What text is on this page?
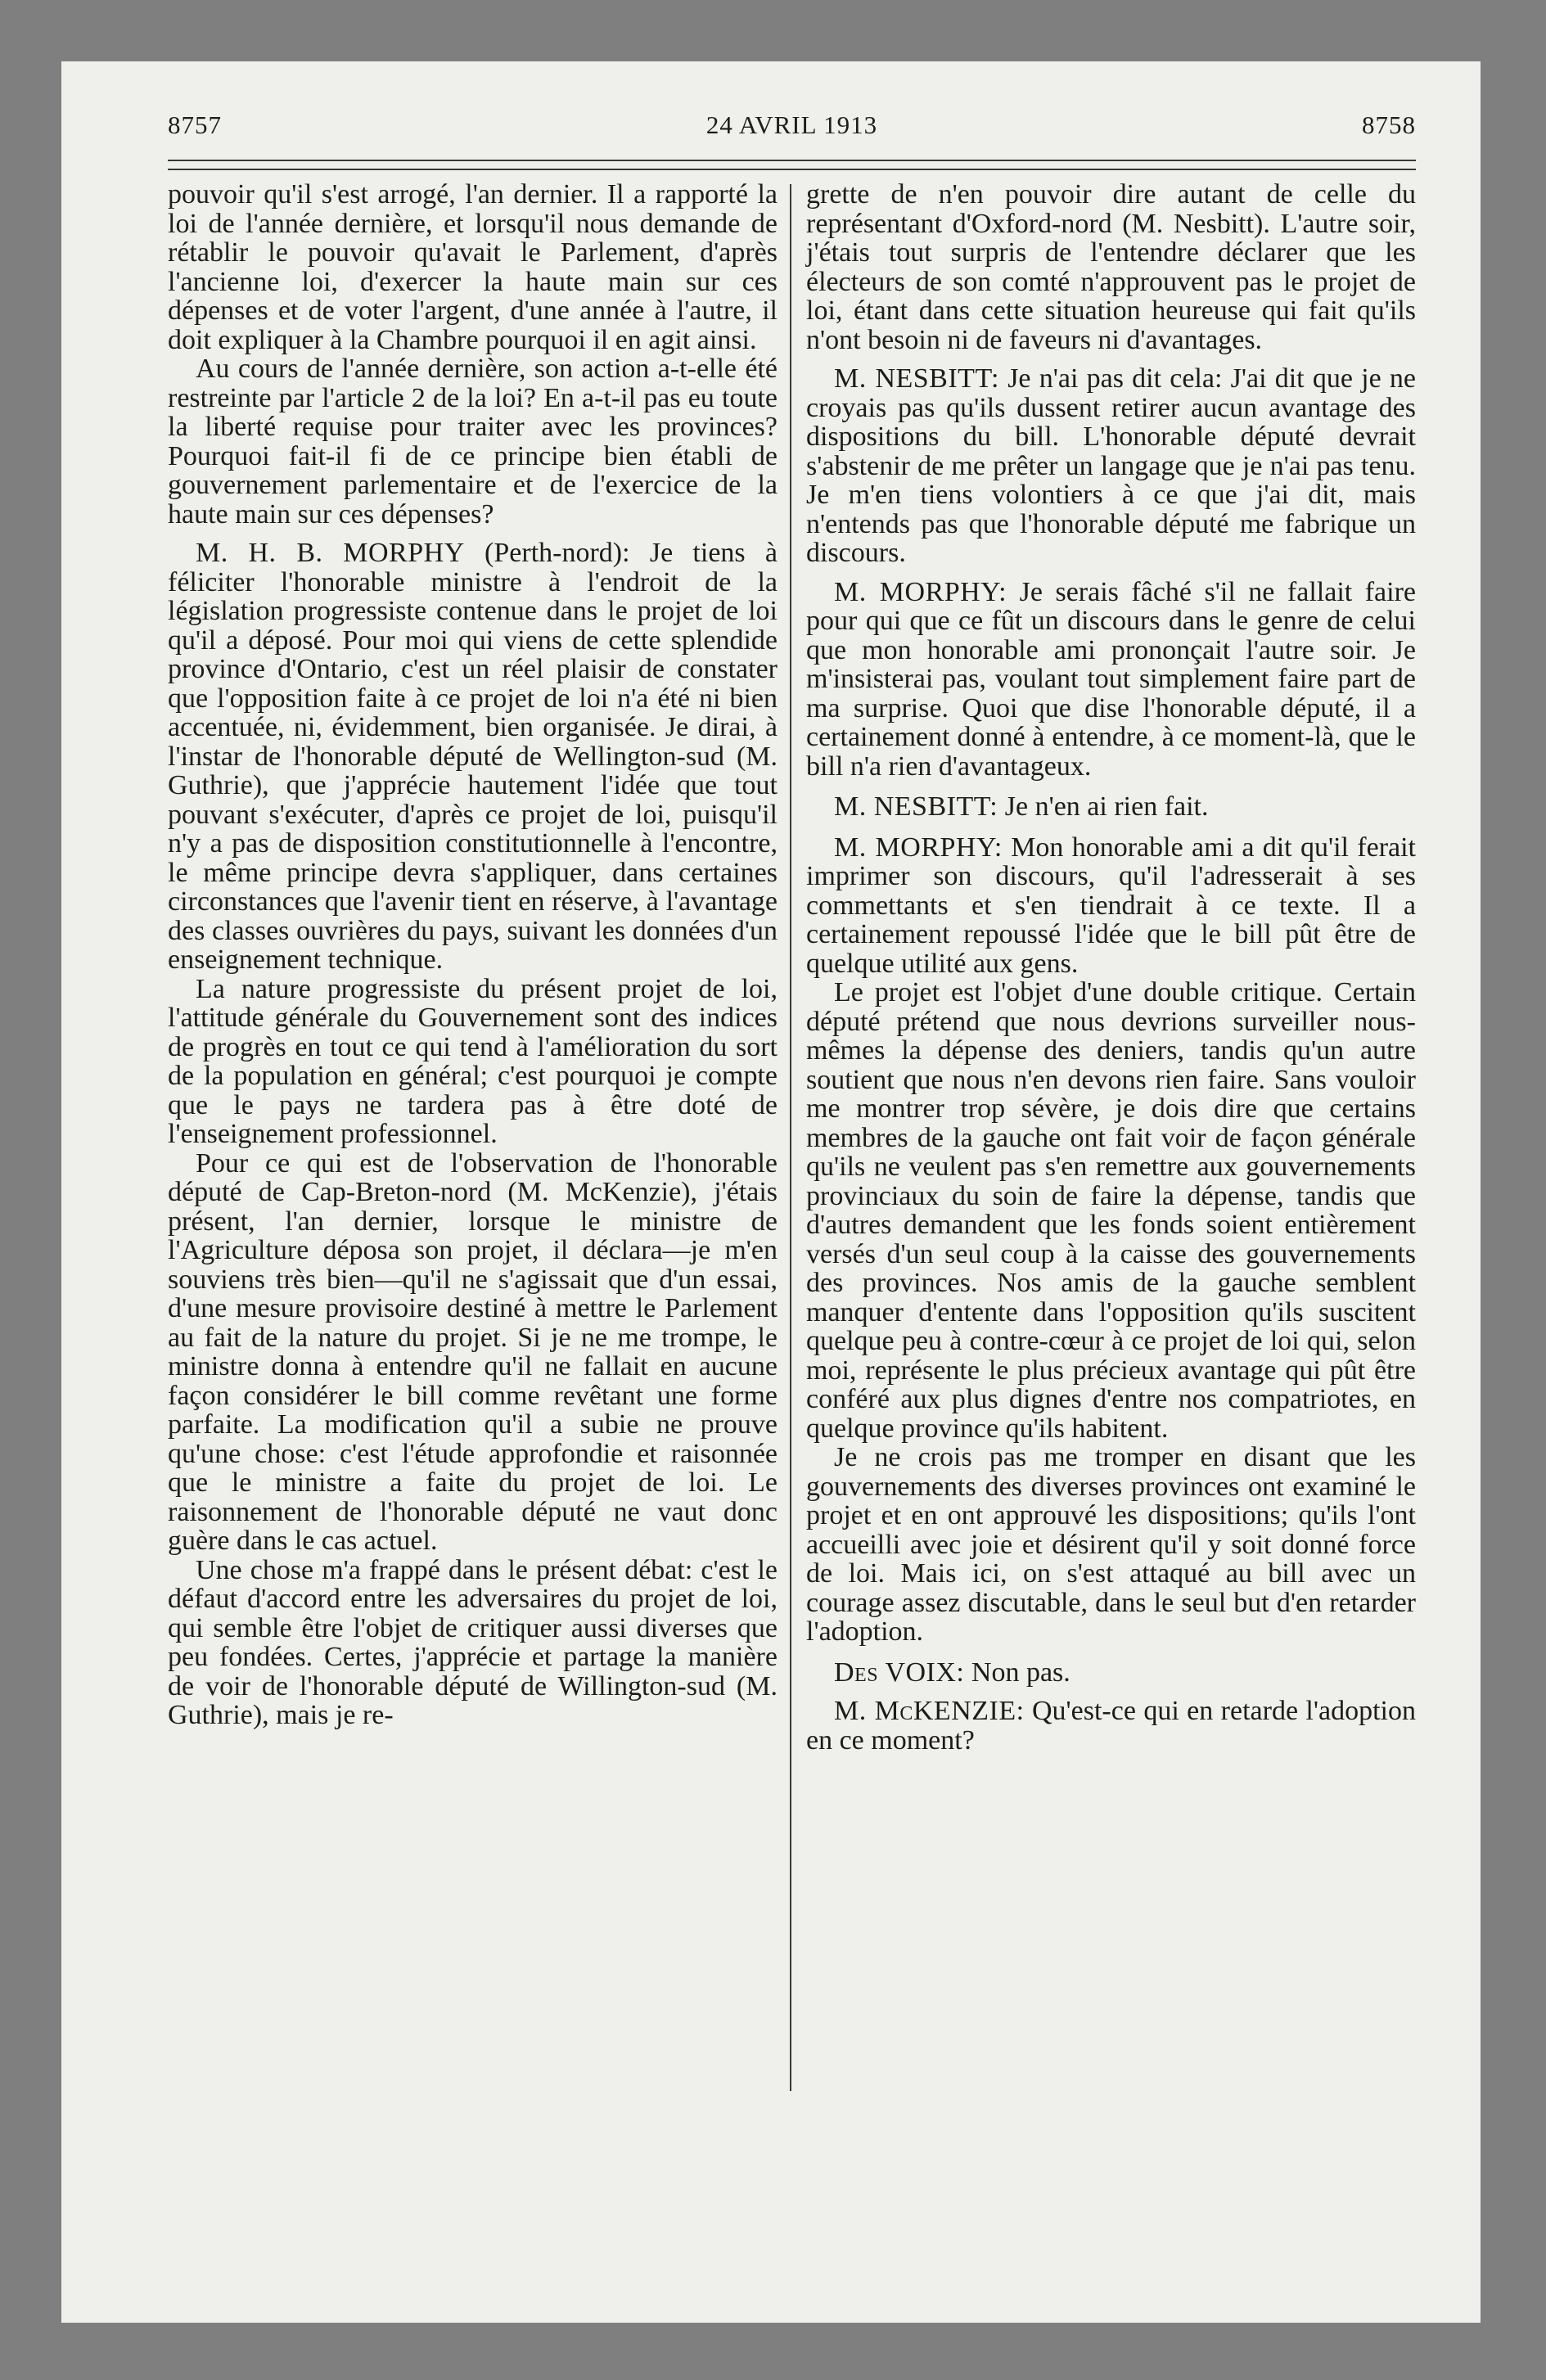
8757	24 AVRIL 1913	8758

pouvoir qu'il s'est arrogé, l'an dernier. Il a rapporté la loi de l'année dernière, et lorsqu'il nous demande de rétablir le pouvoir qu'avait le Parlement, d'après l'ancienne loi, d'exercer la haute main sur ces dépenses et de voter l'argent, d'une année à l'autre, il doit expliquer à la Chambre pourquoi il en agit ainsi.

Au cours de l'année dernière, son action a-t-elle été restreinte par l'article 2 de la loi? En a-t-il pas eu toute la liberté requise pour traiter avec les provinces? Pourquoi fait-il fi de ce principe bien établi de gouvernement parlementaire et de l'exercice de la haute main sur ces dépenses?

M. H. B. MORPHY (Perth-nord): Je tiens à féliciter l'honorable ministre à l'endroit de la législation progressiste contenue dans le projet de loi qu'il a déposé. Pour moi qui viens de cette splendide province d'Ontario, c'est un réel plaisir de constater que l'opposition faite à ce projet de loi n'a été ni bien accentuée, ni, évidemment, bien organisée. Je dirai, à l'instar de l'honorable député de Wellington-sud (M. Guthrie), que j'apprécie hautement l'idée que tout pouvant s'exécuter, d'après ce projet de loi, puisqu'il n'y a pas de disposition constitutionnelle à l'encontre, le même principe devra s'appliquer, dans certaines circonstances que l'avenir tient en réserve, à l'avantage des classes ouvrières du pays, suivant les données d'un enseignement technique.

La nature progressiste du présent projet de loi, l'attitude générale du Gouvernement sont des indices de progrès en tout ce qui tend à l'amélioration du sort de la population en général; c'est pourquoi je compte que le pays ne tardera pas à être doté de l'enseignement professionnel.

Pour ce qui est de l'observation de l'honorable député de Cap-Breton-nord (M. McKenzie), j'étais présent, l'an dernier, lorsque le ministre de l'Agriculture déposa son projet, il déclara—je m'en souviens très bien—qu'il ne s'agissait que d'un essai, d'une mesure provisoire destiné à mettre le Parlement au fait de la nature du projet. Si je ne me trompe, le ministre donna à entendre qu'il ne fallait en aucune façon considérer le bill comme revêtant une forme parfaite. La modification qu'il a subie ne prouve qu'une chose: c'est l'étude approfondie et raisonnée que le ministre a faite du projet de loi. Le raisonnement de l'honorable député ne vaut donc guère dans le cas actuel.

Une chose m'a frappé dans le présent débat: c'est le défaut d'accord entre les adversaires du projet de loi, qui semble être l'objet de critiquer aussi diverses que peu fondées. Certes, j'apprécie et partage la manière de voir de l'honorable député de Willington-sud (M. Guthrie), mais je re-

grette de n'en pouvoir dire autant de celle du représentant d'Oxford-nord (M. Nesbitt). L'autre soir, j'étais tout surpris de l'entendre déclarer que les électeurs de son comté n'approuvent pas le projet de loi, étant dans cette situation heureuse qui fait qu'ils n'ont besoin ni de faveurs ni d'avantages.

M. NESBITT: Je n'ai pas dit cela: J'ai dit que je ne croyais pas qu'ils dussent retirer aucun avantage des dispositions du bill. L'honorable député devrait s'abstenir de me prêter un langage que je n'ai pas tenu. Je m'en tiens volontiers à ce que j'ai dit, mais n'entends pas que l'honorable député me fabrique un discours.

M. MORPHY: Je serais fâché s'il ne fallait faire pour qui que ce fût un discours dans le genre de celui que mon honorable ami prononçait l'autre soir. Je m'insisterai pas, voulant tout simplement faire part de ma surprise. Quoi que dise l'honorable député, il a certainement donné à entendre, à ce moment-là, que le bill n'a rien d'avantageux.

M. NESBITT: Je n'en ai rien fait.

M. MORPHY: Mon honorable ami a dit qu'il ferait imprimer son discours, qu'il l'adresserait à ses commettants et s'en tiendrait à ce texte. Il a certainement repoussé l'idée que le bill pût être de quelque utilité aux gens.

Le projet est l'objet d'une double critique. Certain député prétend que nous devrions surveiller nous-mêmes la dépense des deniers, tandis qu'un autre soutient que nous n'en devons rien faire. Sans vouloir me montrer trop sévère, je dois dire que certains membres de la gauche ont fait voir de façon générale qu'ils ne veulent pas s'en remettre aux gouvernements provinciaux du soin de faire la dépense, tandis que d'autres demandent que les fonds soient entièrement versés d'un seul coup à la caisse des gouvernements des provinces. Nos amis de la gauche semblent manquer d'entente dans l'opposition qu'ils suscitent quelque peu à contre-cœur à ce projet de loi qui, selon moi, représente le plus précieux avantage qui pût être conféré aux plus dignes d'entre nos compatriotes, en quelque province qu'ils habitent.

Je ne crois pas me tromper en disant que les gouvernements des diverses provinces ont examiné le projet et en ont approuvé les dispositions; qu'ils l'ont accueilli avec joie et désirent qu'il y soit donné force de loi. Mais ici, on s'est attaqué au bill avec un courage assez discutable, dans le seul but d'en retarder l'adoption.

Des VOIX: Non pas.

M. McKENZIE: Qu'est-ce qui en retarde l'adoption en ce moment?
